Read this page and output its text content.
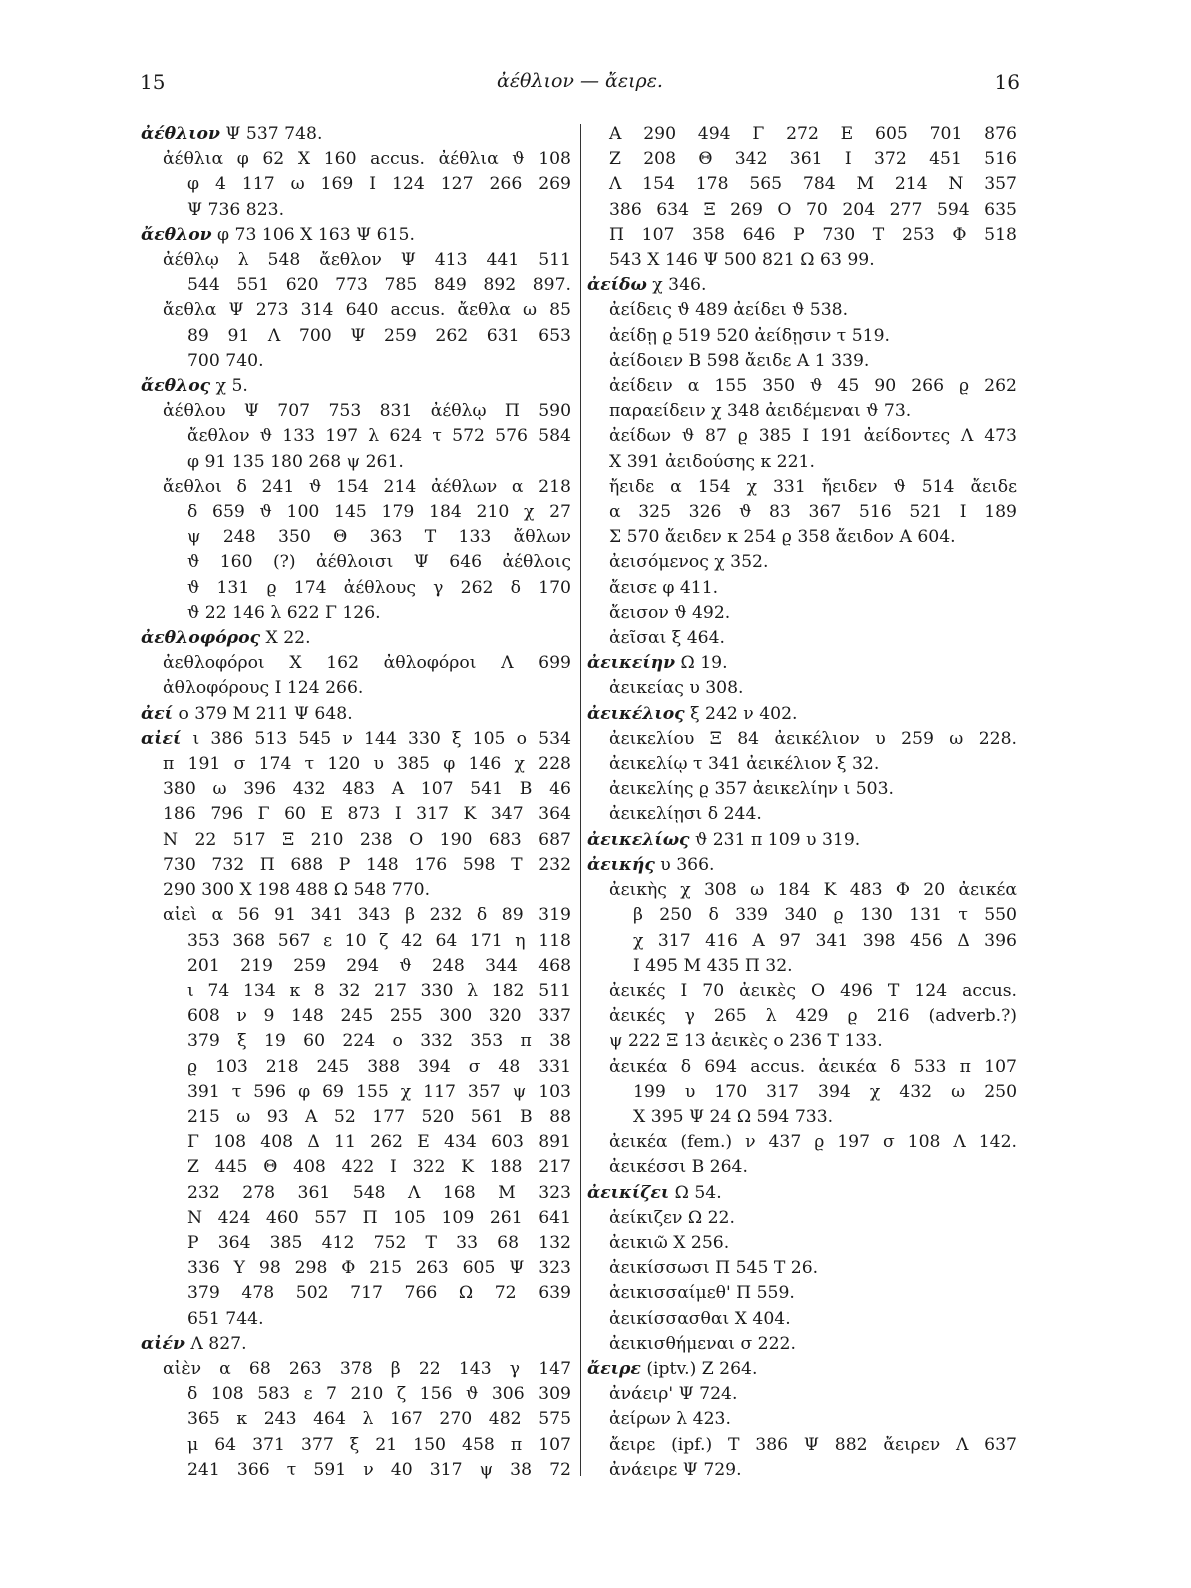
15	ἀέθλιον — ἄειρε.	16
ἀέθλιον Ψ 537 748.
ἀέθλια φ 62 Χ 160 accus. ἀέθλια ϑ 108
φ 4 117 ω 169 Ι 124 127 266 269
Ψ 736 823.
ἄεθλον φ 73 106 Χ 163 Ψ 615.
ἀέθλῳ λ 548 ἄεθλον Ψ 413 441 511
544 551 620 773 785 849 892 897.
ἄεθλα Ψ 273 314 640 accus. ἄεθλα ω 85
89 91 Λ 700 Ψ 259 262 631 653
700 740.
ἄεθλος χ 5.
ἀέθλου Ψ 707 753 831 ἀέθλῳ Π 590
ἄεθλον ϑ 133 197 λ 624 τ 572 576 584
φ 91 135 180 268 ψ 261.
ἄεθλοι δ 241 ϑ 154 214 ἀέθλων α 218
δ 659 ϑ 100 145 179 184 210 χ 27
ψ 248 350 Θ 363 Τ 133 ἄθλων
ϑ 160 (?) ἀέθλοισι Ψ 646 ἀέθλοις
ϑ 131 ϱ 174 ἀέθλους γ 262 δ 170
ϑ 22 146 λ 622 Γ 126.
ἀεθλοφόρος Χ 22.
ἀεθλοφόροι Χ 162 ἀθλοφόροι Λ 699
ἀθλοφόρους Ι 124 266.
ἀεί ο 379 Μ 211 Ψ 648.
αἰεί ι 386 513 545 ν 144 330 ξ 105 ο 534
π 191 σ 174 τ 120 υ 385 φ 146 χ 228
380 ω 396 432 483 Α 107 541 Β 46
186 796 Γ 60 Ε 873 Ι 317 Κ 347 364
Ν 22 517 Ξ 210 238 Ο 190 683 687
730 732 Π 688 Ρ 148 176 598 Τ 232
290 300 Χ 198 488 Ω 548 770.
αἰεὶ α 56 91 341 343 β 232 δ 89 319
353 368 567 ε 10 ζ 42 64 171 η 118
201 219 259 294 ϑ 248 344 468
ι 74 134 κ 8 32 217 330 λ 182 511
608 ν 9 148 245 255 300 320 337
379 ξ 19 60 224 ο 332 353 π 38
ϱ 103 218 245 388 394 σ 48 331
391 τ 596 φ 69 155 χ 117 357 ψ 103
215 ω 93 Α 52 177 520 561 Β 88
Γ 108 408 Δ 11 262 Ε 434 603 891
Ζ 445 Θ 408 422 Ι 322 Κ 188 217
232 278 361 548 Λ 168 Μ 323
Ν 424 460 557 Π 105 109 261 641
Ρ 364 385 412 752 Τ 33 68 132
336 Υ 98 298 Φ 215 263 605 Ψ 323
379 478 502 717 766 Ω 72 639
651 744.
αἰέν Λ 827.
αἰὲν α 68 263 378 β 22 143 γ 147
δ 108 583 ε 7 210 ζ 156 ϑ 306 309
365 κ 243 464 λ 167 270 482 575
μ 64 371 377 ξ 21 150 458 π 107
241 366 τ 591 ν 40 317 ψ 38 72
Α 290 494 Γ 272 Ε 605 701 876
Ζ 208 Θ 342 361 Ι 372 451 516
Λ 154 178 565 784 Μ 214 Ν 357
386 634 Ξ 269 Ο 70 204 277 594 635
Π 107 358 646 Ρ 730 Τ 253 Φ 518
543 Χ 146 Ψ 500 821 Ω 63 99.
ἀείδω χ 346.
ἀείδεις ϑ 489 ἀείδει ϑ 538.
ἀείδῃ ϱ 519 520 ἀείδῃσιν τ 519.
ἀείδοιεν Β 598 ἄειδε Α 1 339.
ἀείδειν α 155 350 ϑ 45 90 266 ϱ 262
παραείδειν χ 348 ἀειδέμεναι ϑ 73.
ἀείδων ϑ 87 ϱ 385 Ι 191 ἀείδοντες Λ 473
Χ 391 ἀειδούσης κ 221.
ἤειδε α 154 χ 331 ἤειδεν ϑ 514 ἄειδε
α 325 326 ϑ 83 367 516 521 Ι 189
Σ 570 ἄειδεν κ 254 ϱ 358 ἄειδον Α 604.
ἀεισόμενος χ 352.
ἄεισε φ 411.
ἄεισον ϑ 492.
ἀεῖσαι ξ 464.
ἀεικείην Ω 19.
ἀεικείας υ 308.
ἀεικέλιος ξ 242 ν 402.
ἀεικελίου Ξ 84 ἀεικέλιον υ 259 ω 228.
ἀεικελίῳ τ 341 ἀεικέλιον ξ 32.
ἀεικελίης ϱ 357 ἀεικελίην ι 503.
ἀεικελίῃσι δ 244.
ἀεικελίως ϑ 231 π 109 υ 319.
ἀεικής υ 366.
ἀεικὴς χ 308 ω 184 Κ 483 Φ 20 ἀεικέα
β 250 δ 339 340 ϱ 130 131 τ 550
χ 317 416 Α 97 341 398 456 Δ 396
Ι 495 Μ 435 Π 32.
ἀεικές Ι 70 ἀεικὲς Ο 496 Τ 124 accus.
ἀεικές γ 265 λ 429 ϱ 216 (adverb.?)
ψ 222 Ξ 13 ἀεικὲς ο 236 Τ 133.
ἀεικέα δ 694 accus. ἀεικέα δ 533 π 107
199 υ 170 317 394 χ 432 ω 250
Χ 395 Ψ 24 Ω 594 733.
ἀεικέα (fem.) ν 437 ϱ 197 σ 108 Λ 142.
ἀεικέσσι Β 264.
ἀεικίζει Ω 54.
ἀείκιζεν Ω 22.
ἀεικιῶ Χ 256.
ἀεικίσσωσι Π 545 Τ 26.
ἀεικισσαίμεθ' Π 559.
ἀεικίσσασθαι Χ 404.
ἀεικισθήμεναι σ 222.
ἄειρε (iptv.) Ζ 264.
ἀνάειρ' Ψ 724.
ἀείρων λ 423.
ἄειρε (ipf.) Τ 386 Ψ 882 ἄειρεν Λ 637
ἀνάειρε Ψ 729.
